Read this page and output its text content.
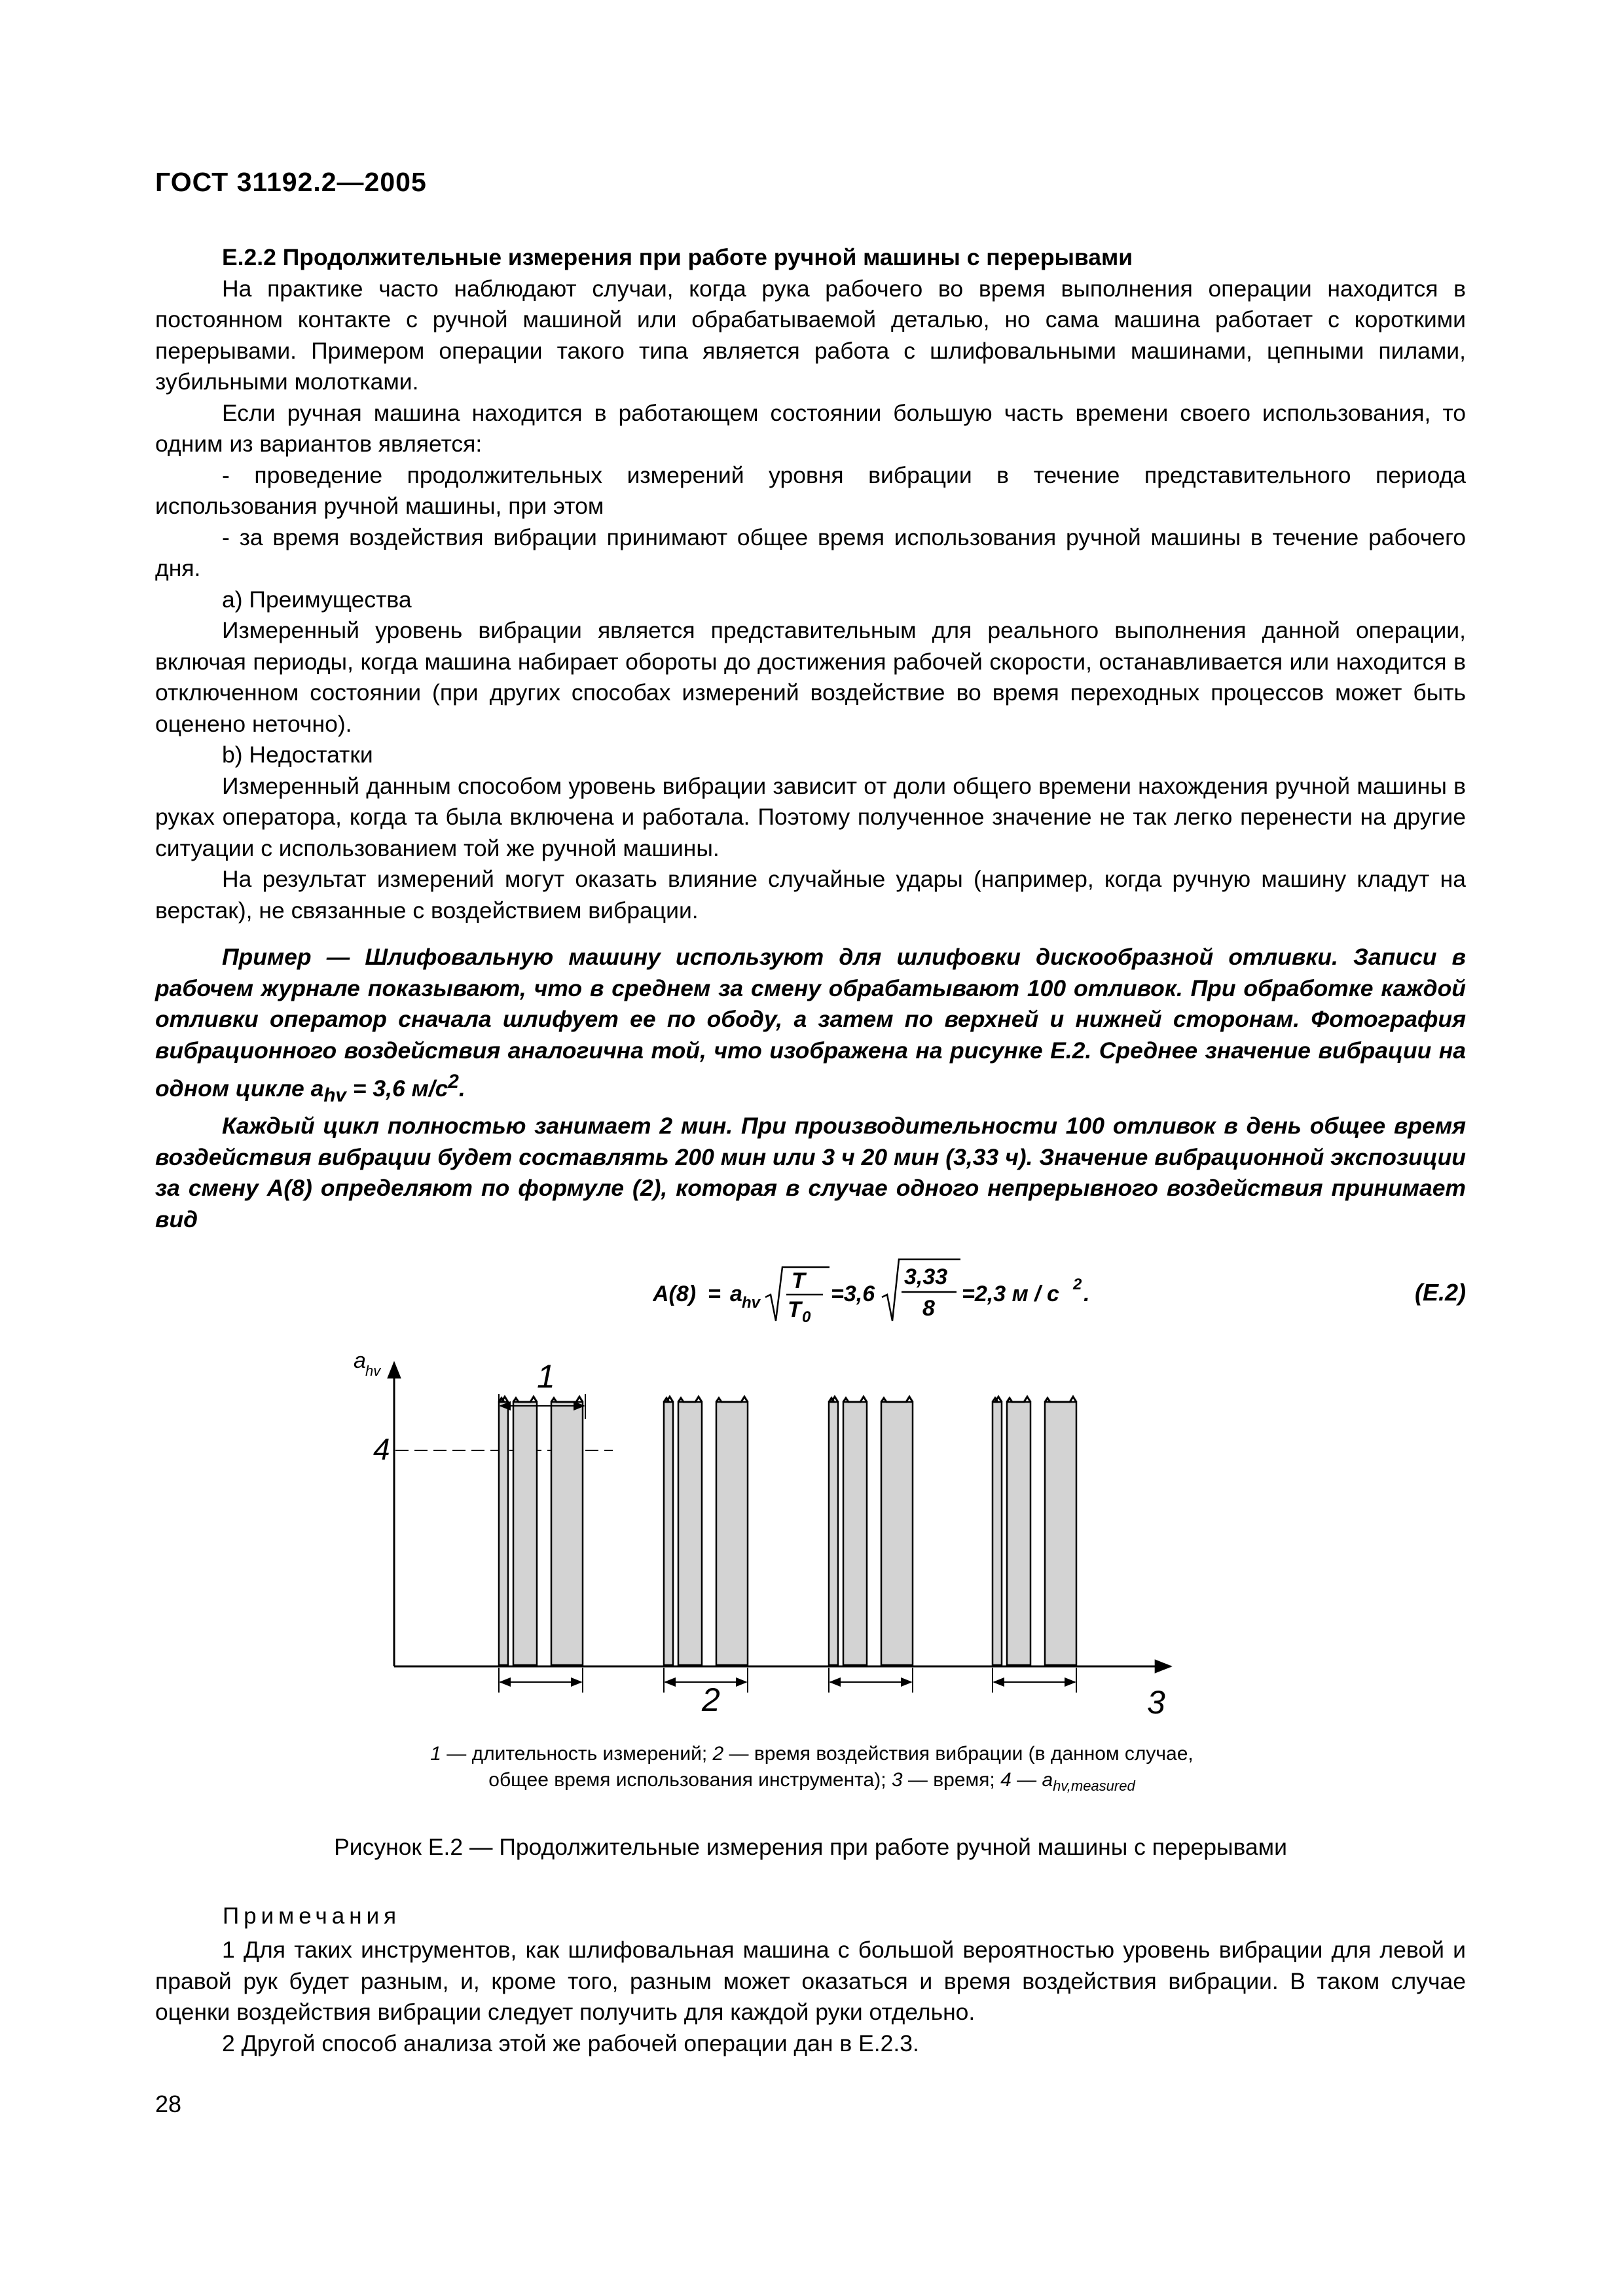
ГОСТ 31192.2—2005

Е.2.2 Продолжительные измерения при работе ручной машины с перерывами

На практике часто наблюдают случаи, когда рука рабочего во время выполнения операции находится в постоянном контакте с ручной машиной или обрабатываемой деталью, но сама машина работает с короткими перерывами. Примером операции такого типа является работа с шлифовальными машинами, цепными пилами, зубильными молотками.

Если ручная машина находится в работающем состоянии большую часть времени своего использования, то одним из вариантов является:

- проведение продолжительных измерений уровня вибрации в течение представительного периода использования ручной машины, при этом

- за время воздействия вибрации принимают общее время использования ручной машины в течение рабочего дня.

a) Преимущества

Измеренный уровень вибрации является представительным для реального выполнения данной операции, включая периоды, когда машина набирает обороты до достижения рабочей скорости, останавливается или находится в отключенном состоянии (при других способах измерений воздействие во время переходных процессов может быть оценено неточно).

b) Недостатки

Измеренный данным способом уровень вибрации зависит от доли общего времени нахождения ручной машины в руках оператора, когда та была включена и работала. Поэтому полученное значение не так легко перенести на другие ситуации с использованием той же ручной машины.

На результат измерений могут оказать влияние случайные удары (например, когда ручную машину кладут на верстак), не связанные с воздействием вибрации.

Пример — Шлифовальную машину используют для шлифовки дискообразной отливки. Записи в рабочем журнале показывают, что в среднем за смену обрабатывают 100 отливок. При обработке каждой отливки оператор сначала шлифует ее по ободу, а затем по верхней и нижней сторонам. Фотография вибрационного воздействия аналогична той, что изображена на рисунке Е.2. Среднее значение вибрации на одном цикле $a_{hv} = 3,6$ $м/с^2$.

Каждый цикл полностью занимает 2 мин. При производительности 100 отливок в день общее время воздействия вибрации будет составлять 200 мин или 3 ч 20 мин (3,33 ч). Значение вибрационной экспозиции за смену A(8) определяют по формуле (2), которая в случае одного непрерывного воздействия принимает вид

A(8) = a hv
T
T 0
=3,6
3,33
8
=2,3 м / с 2 .	(Е.2)
a hv
4
1
2	3
1 — длительность измерений; 2 — время воздействия вибрации (в данном случае,
общее время использования инструмента); 3 — время; 4 — $a_{hv,measured}$
Рисунок Е.2 — Продолжительные измерения при работе ручной машины с перерывами
Примечания

1 Для таких инструментов, как шлифовальная машина с большой вероятностью уровень вибрации для левой и правой рук будет разным, и, кроме того, разным может оказаться и время воздействия вибрации. В таком случае оценки воздействия вибрации следует получить для каждой руки отдельно.

2 Другой способ анализа этой же рабочей операции дан в Е.2.3.

28
